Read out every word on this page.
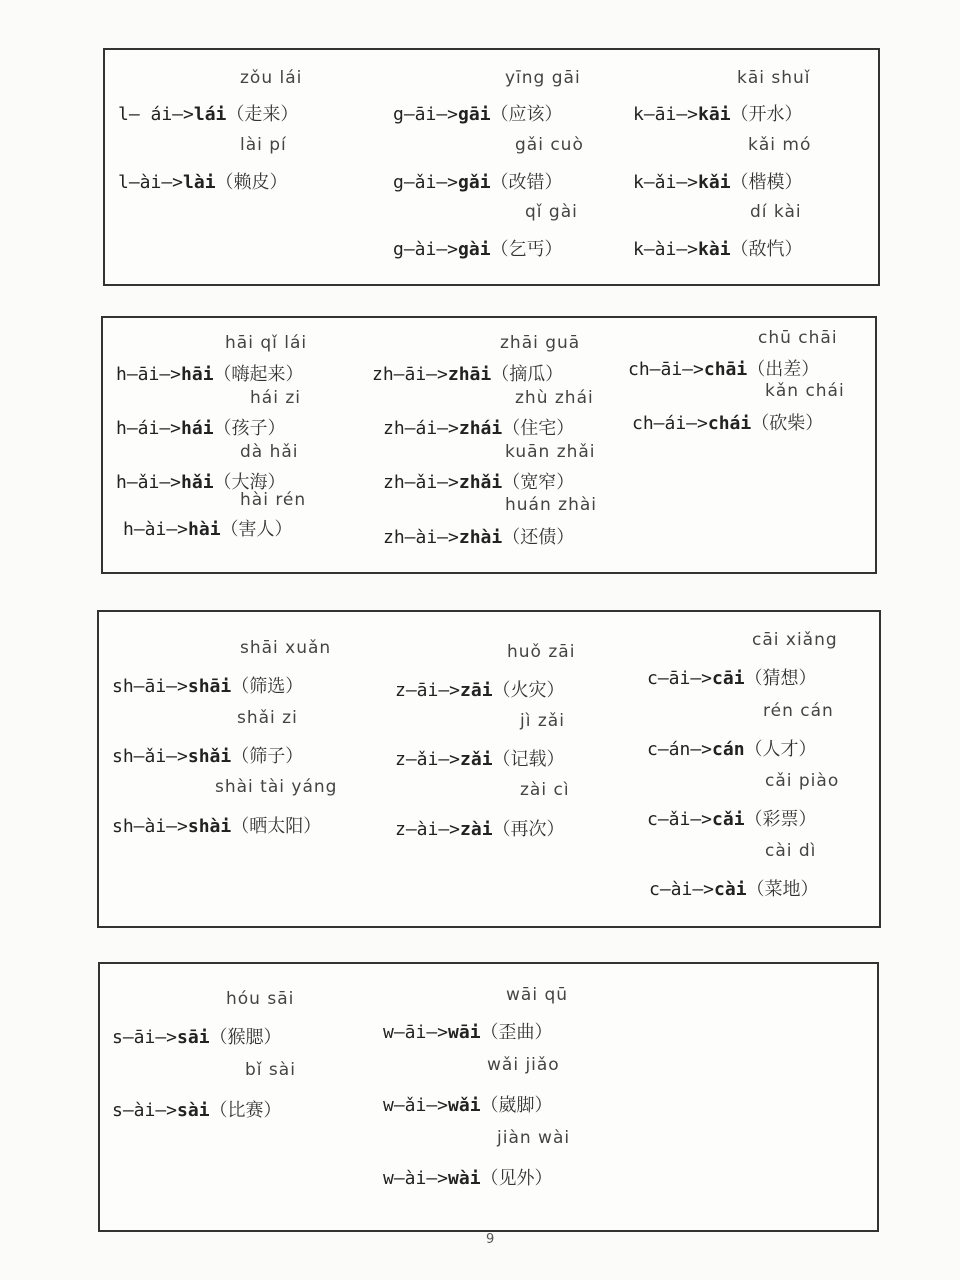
zǒu lái
l— ái—>lái（走来）
lài pí
l—ài—>lài（赖皮）
yīng gāi
g—āi—>gāi（应该）
gǎi cuò
g—ǎi—>gǎi（改错）
qǐ gài
g—ài—>gài（乞丐）
kāi shuǐ
k—āi—>kāi（开水）
kǎi mó
k—ǎi—>kǎi（楷模）
dí kài
k—ài—>kài（敌忾）
hāi qǐ lái
h—āi—>hāi（嗨起来）
hái zi
h—ái—>hái（孩子）
dà hǎi
h—ǎi—>hǎi（大海）
hài rén
h—ài—>hài（害人）
zhāi guā
zh—āi—>zhāi（摘瓜）
zhù zhái
zh—ái—>zhái（住宅）
kuān zhǎi
zh—ǎi—>zhǎi（宽窄）
huán zhài
zh—ài—>zhài（还债）
chū chāi
ch—āi—>chāi（出差）
kǎn chái
ch—ái—>chái（砍柴）
shāi xuǎn
sh—āi—>shāi（筛选）
shǎi zi
sh—ǎi—>shǎi（筛子）
shài tài yáng
sh—ài—>shài（晒太阳）
huǒ zāi
z—āi—>zāi（火灾）
jì zǎi
z—ǎi—>zǎi（记载）
zài cì
z—ài—>zài（再次）
cāi xiǎng
c—āi—>cāi（猜想）
rén cán
c—án—>cán（人才）
cǎi piào
c—ǎi—>cǎi（彩票）
cài dì
c—ài—>cài（菜地）
hóu sāi
s—āi—>sāi（猴腮）
bǐ sài
s—ài—>sài（比赛）
wāi qū
w—āi—>wāi（歪曲）
wǎi jiǎo
w—ǎi—>wǎi（崴脚）
jiàn wài
w—ài—>wài（见外）
9
